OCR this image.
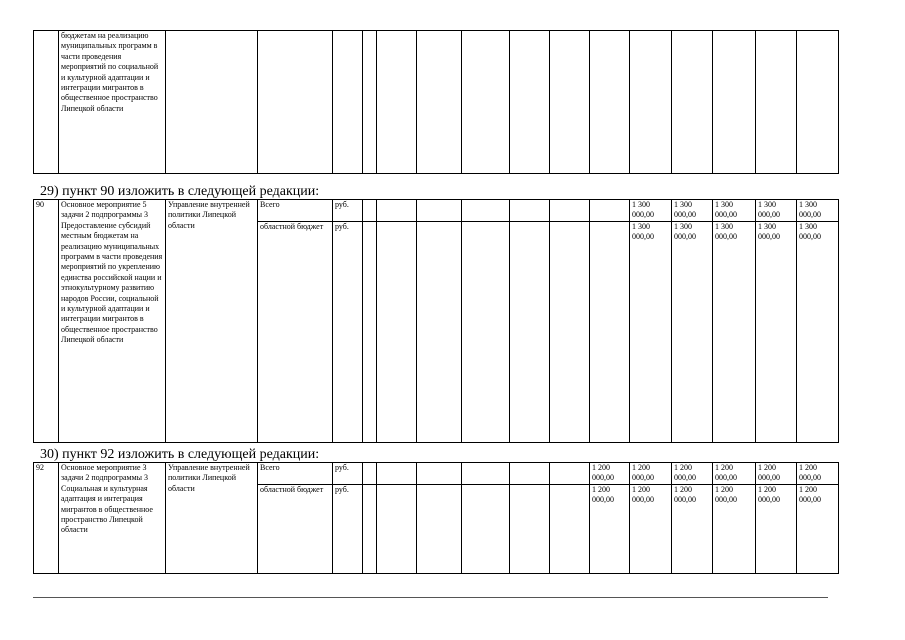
	бюджетам на реализацию муниципальных программ в части проведения мероприятий по социальной и культурной адаптации и интеграции мигрантов в общественное пространство Липецкой области															
29) пункт 90 изложить в следующей редакции:
90	Основное мероприятие 5 задачи 2 подпрограммы 3 Предоставление субсидий местным бюджетам на реализацию муниципальных программ в части проведения мероприятий по укреплению единства российской нации и этнокультурному развитию народов России, социальной и культурной адаптации и интеграции мигрантов в общественное пространство Липецкой области	Управление внутренней политики Липецкой области	Всего	руб.								1 300
000,00	1 300
000,00	1 300
000,00	1 300
000,00	1 300
000,00
			областной бюджет	руб.								1 300
000,00	1 300
000,00	1 300
000,00	1 300
000,00	1 300
000,00
30) пункт 92 изложить в следующей редакции:
92	Основное мероприятие 3 задачи 2 подпрограммы 3 Социальная и культурная адаптация и интеграция мигрантов в общественное пространство Липецкой области	Управление внутренней политики Липецкой области	Всего	руб.							1 200
000,00	1 200
000,00	1 200
000,00	1 200
000,00	1 200
000,00	1 200
000,00
			областной бюджет	руб.							1 200
000,00	1 200
000,00	1 200
000,00	1 200
000,00	1 200
000,00	1 200
000,00
